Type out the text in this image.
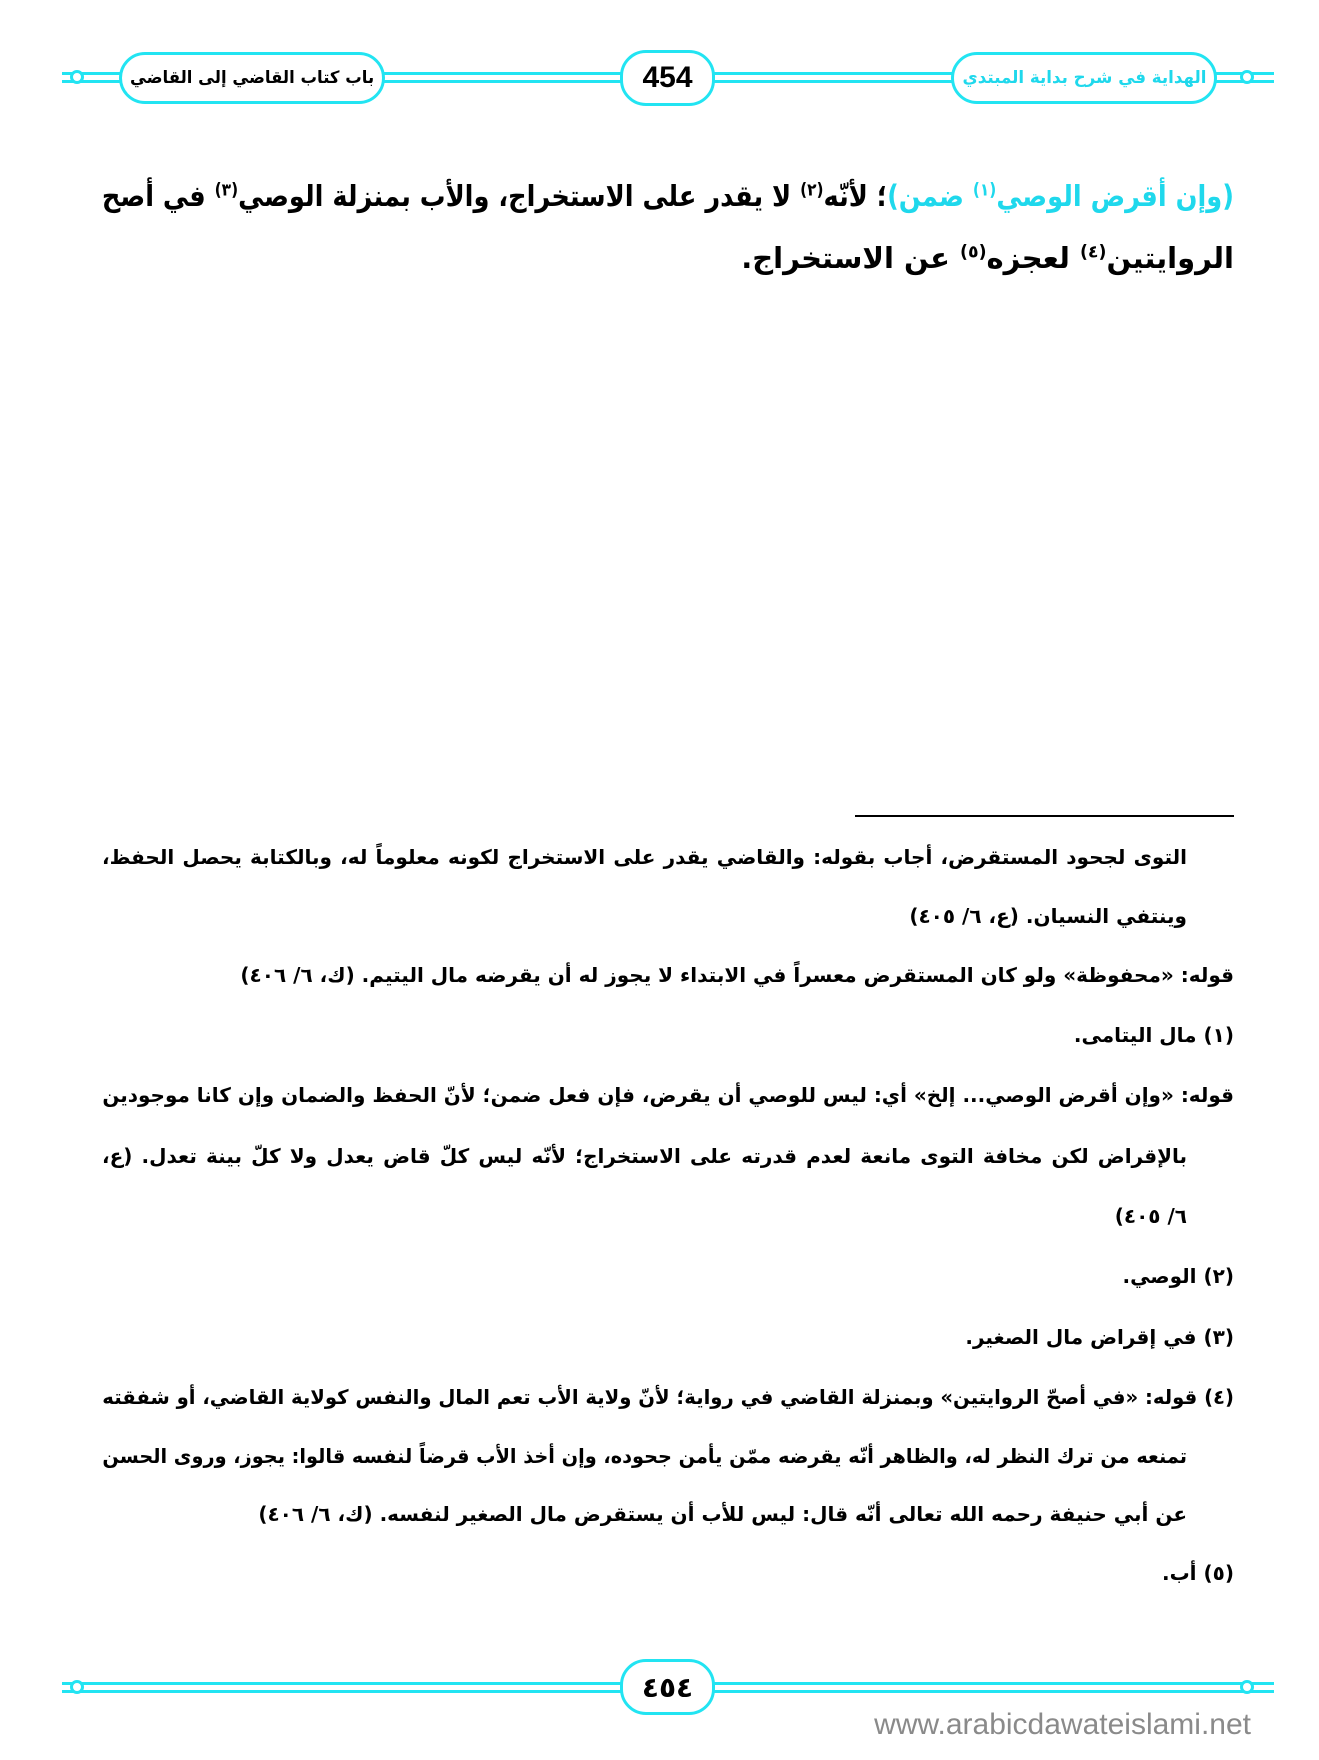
باب كتاب القاضي إلى القاضي	454	الهداية في شرح بداية المبتدي
(وإن أقرض الوصي$^{(١)}$ ضمن)؛ لأنّه$^{(٢)}$ لا يقدر على الاستخراج، والأب بمنزلة الوصي$^{(٣)}$ في أصح
الروايتين$^{(٤)}$ لعجزه$^{(٥)}$ عن الاستخراج.
التوى لجحود المستقرض، أجاب بقوله: والقاضي يقدر على الاستخراج لكونه معلوماً له، وبالكتابة يحصل الحفظ،
وينتفي النسيان. (ع، ٦/ ٤٠٥)
قوله: «محفوظة» ولو كان المستقرض معسراً في الابتداء لا يجوز له أن يقرضه مال اليتيم. (ك، ٦/ ٤٠٦)
(١) مال اليتامى.
قوله: «وإن أقرض الوصي... إلخ» أي: ليس للوصي أن يقرض، فإن فعل ضمن؛ لأنّ الحفظ والضمان وإن كانا موجودين
بالإقراض لكن مخافة التوى مانعة لعدم قدرته على الاستخراج؛ لأنّه ليس كلّ قاض يعدل ولا كلّ بينة تعدل. (ع،
٦/ ٤٠٥)
(٢) الوصي.
(٣) في إقراض مال الصغير.
(٤) قوله: «في أصحّ الروايتين» وبمنزلة القاضي في رواية؛ لأنّ ولاية الأب تعم المال والنفس كولاية القاضي، أو شفقته
تمنعه من ترك النظر له، والظاهر أنّه يقرضه ممّن يأمن جحوده، وإن أخذ الأب قرضاً لنفسه قالوا: يجوز، وروى الحسن
عن أبي حنيفة رحمه الله تعالى أنّه قال: ليس للأب أن يستقرض مال الصغير لنفسه. (ك، ٦/ ٤٠٦)
(٥) أب.
٤٥٤
www.arabicdawateislami.net
